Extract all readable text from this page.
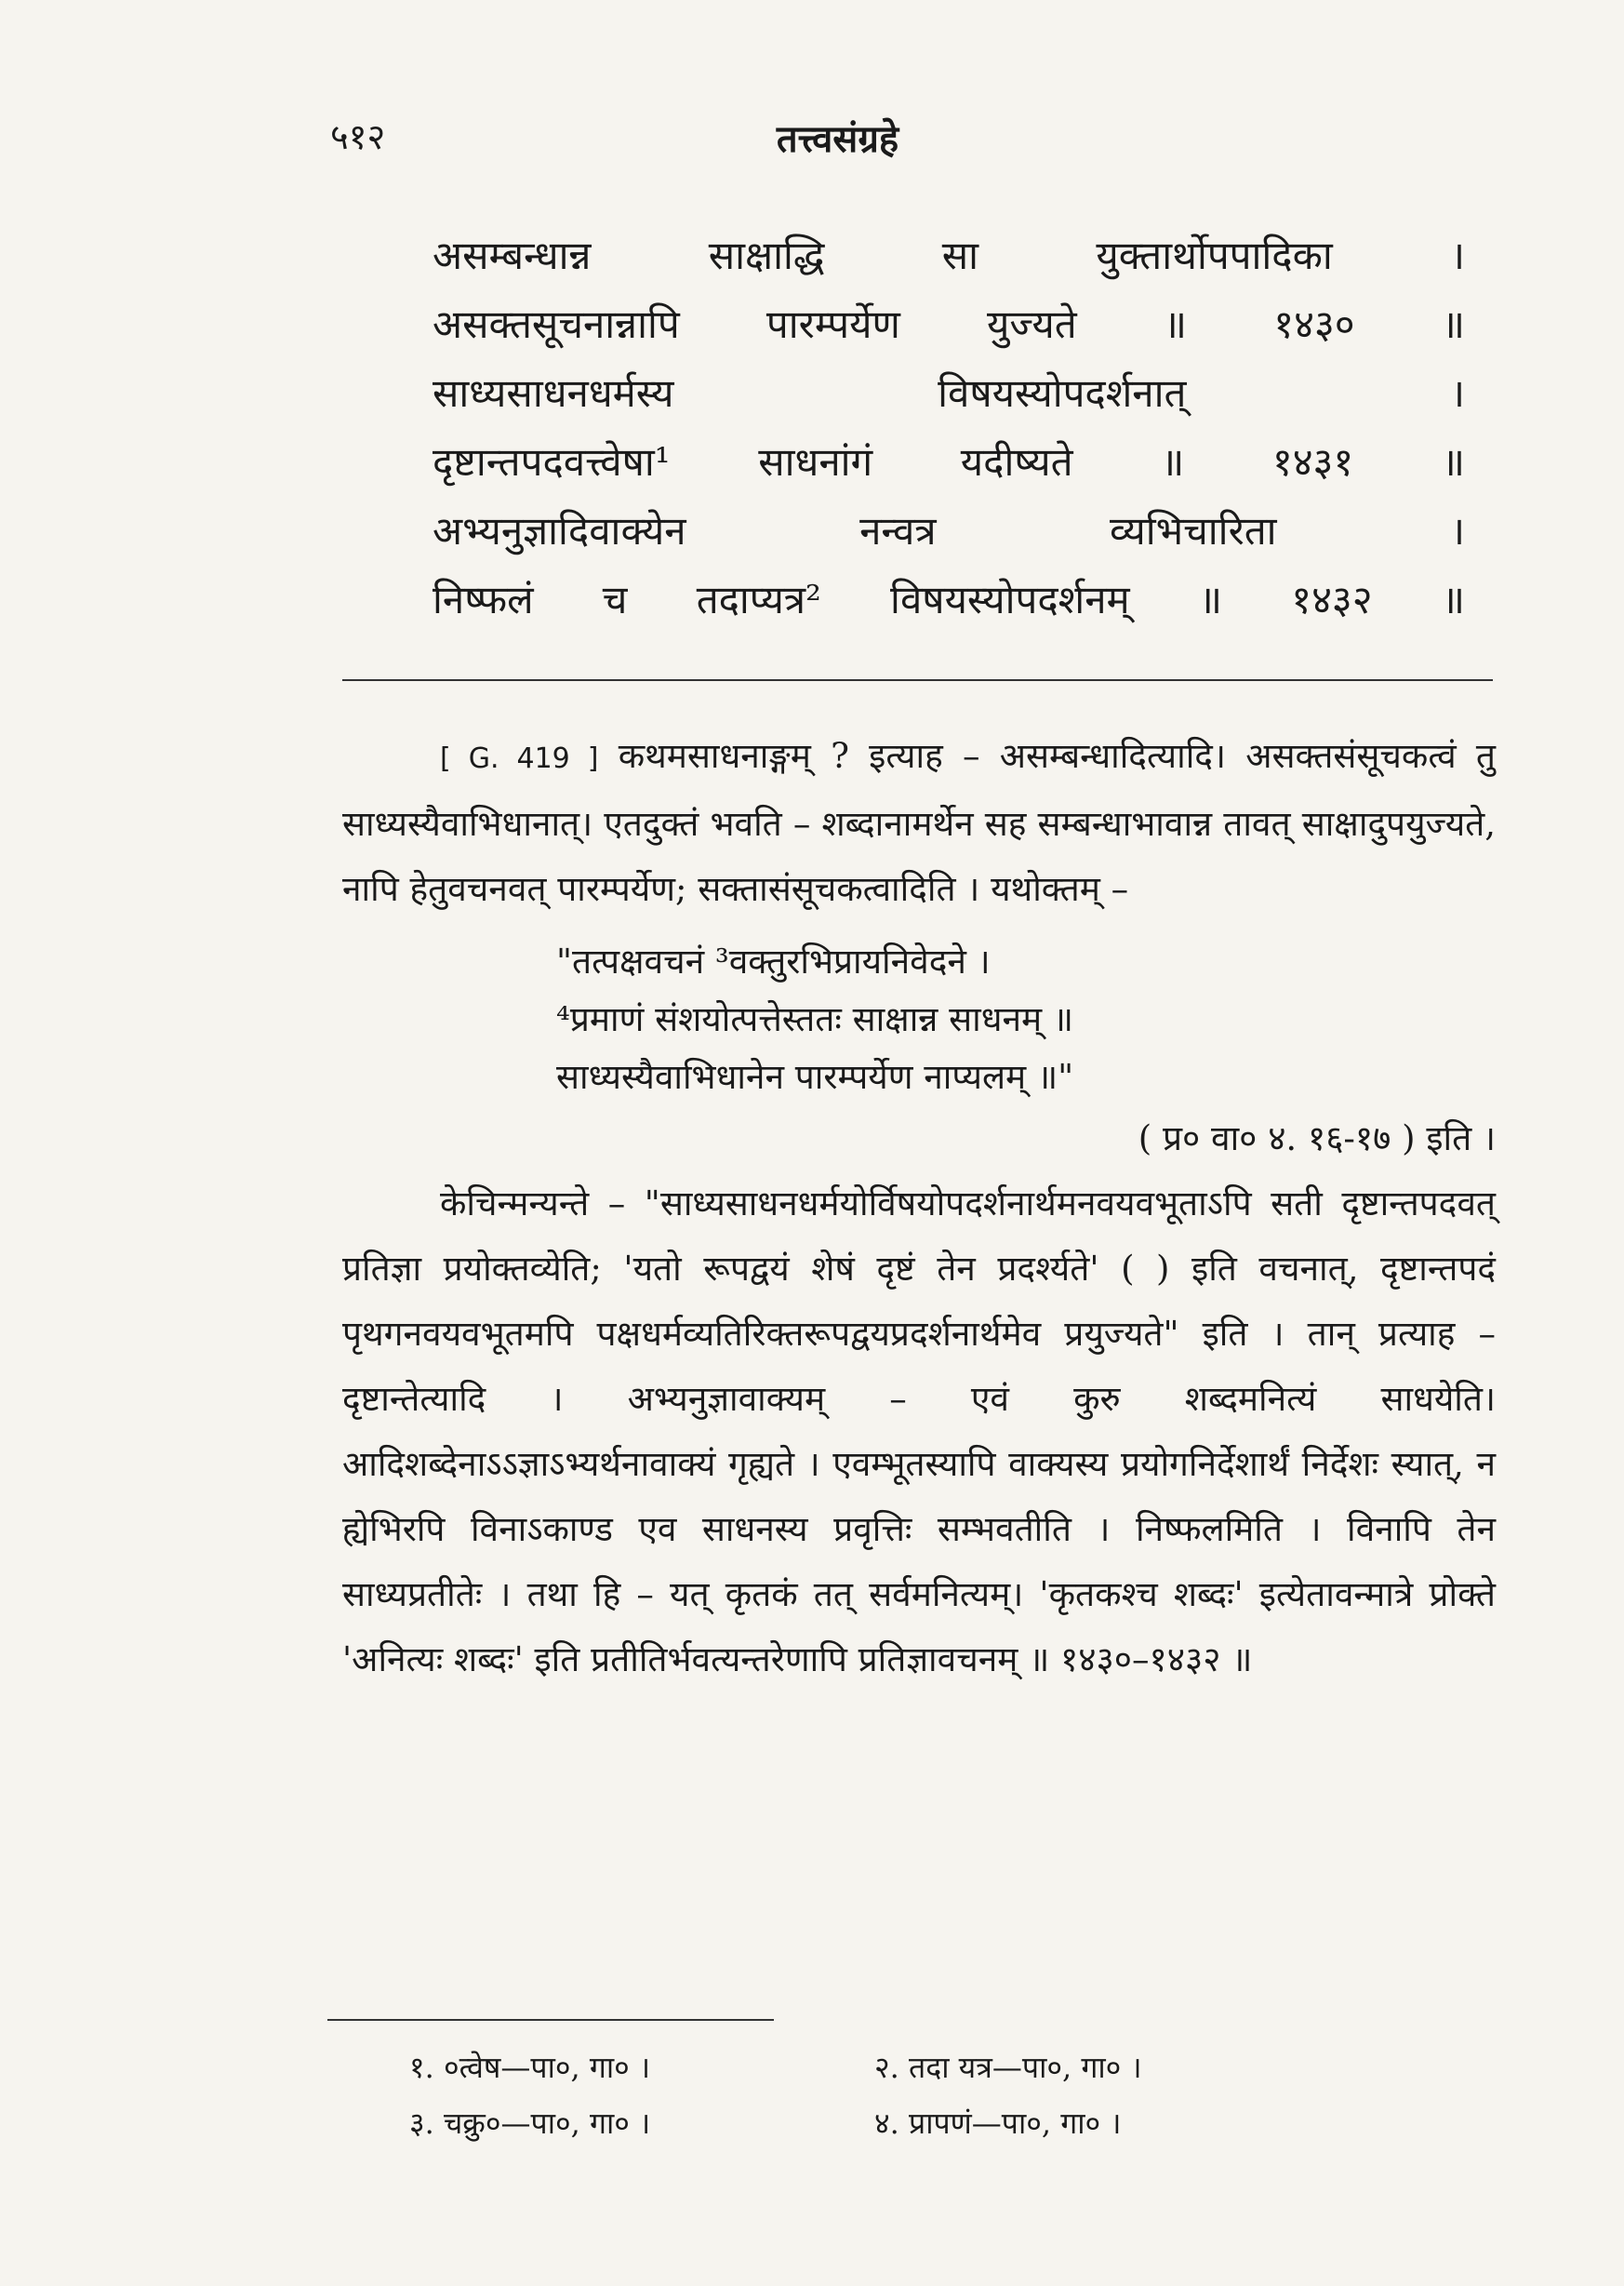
५१२	तत्त्वसंग्रहे
असम्बन्धान्न साक्षाद्धि सा युक्तार्थोपपादिका ।
असक्तसूचनान्नापि पारम्पर्येण युज्यते ॥ १४३० ॥
साध्यसाधनधर्मस्य विषयस्योपदर्शनात् ।
दृष्टान्तपदवत्त्वेषा¹ साधनांगं यदीष्यते ॥ १४३१ ॥
अभ्यनुज्ञादिवाक्येन नन्वत्र व्यभिचारिता ।
निष्फलं च तदाप्यत्र² विषयस्योपदर्शनम् ॥ १४३२ ॥

[ G. 419 ] कथमसाधनाङ्गम् ? इत्याह – असम्बन्धादित्यादि। असक्तसंसूचकत्वं तु साध्यस्यैवाभिधानात्। एतदुक्तं भवति – शब्दानामर्थेन सह सम्बन्धाभावान्न तावत् साक्षादुपयुज्यते, नापि हेतुवचनवत् पारम्पर्येण; सक्तासंसूचकत्वादिति । यथोक्तम् –

"तत्पक्षवचनं ³वक्तुरभिप्रायनिवेदने ।
⁴प्रमाणं संशयोत्पत्तेस्ततः साक्षान्न साधनम् ॥
साध्यस्यैवाभिधानेन पारम्पर्येण नाप्यलम् ॥"
( प्र० वा० ४. १६-१७ ) इति ।

केचिन्मन्यन्ते – "साध्यसाधनधर्मयोर्विषयोपदर्शनार्थमनवयवभूताऽपि सती दृष्टान्तपदवत् प्रतिज्ञा प्रयोक्तव्येति; 'यतो रूपद्वयं शेषं दृष्टं तेन प्रदर्श्यते' ( ) इति वचनात्, दृष्टान्तपदं पृथगनवयवभूतमपि पक्षधर्मव्यतिरिक्तरूपद्वयप्रदर्शनार्थमेव प्रयुज्यते" इति । तान् प्रत्याह – दृष्टान्तेत्यादि । अभ्यनुज्ञावाक्यम् – एवं कुरु शब्दमनित्यं साधयेति। आदिशब्देनाऽऽज्ञाऽभ्यर्थनावाक्यं गृह्यते । एवम्भूतस्यापि वाक्यस्य प्रयोगनिर्देशार्थं निर्देशः स्यात्, न ह्येभिरपि विनाऽकाण्ड एव साधनस्य प्रवृत्तिः सम्भवतीति । निष्फलमिति । विनापि तेन साध्यप्रतीतेः । तथा हि – यत् कृतकं तत् सर्वमनित्यम्। 'कृतकश्च शब्दः' इत्येतावन्मात्रे प्रोक्ते 'अनित्यः शब्दः' इति प्रतीतिर्भवत्यन्तरेणापि प्रतिज्ञावचनम् ॥ १४३०–१४३२ ॥

१. ०त्वेष—पा०, गा० ।	२. तदा यत्र—पा०, गा० ।
३. चक्रु०—पा०, गा० ।	४. प्रापणं—पा०, गा० ।
